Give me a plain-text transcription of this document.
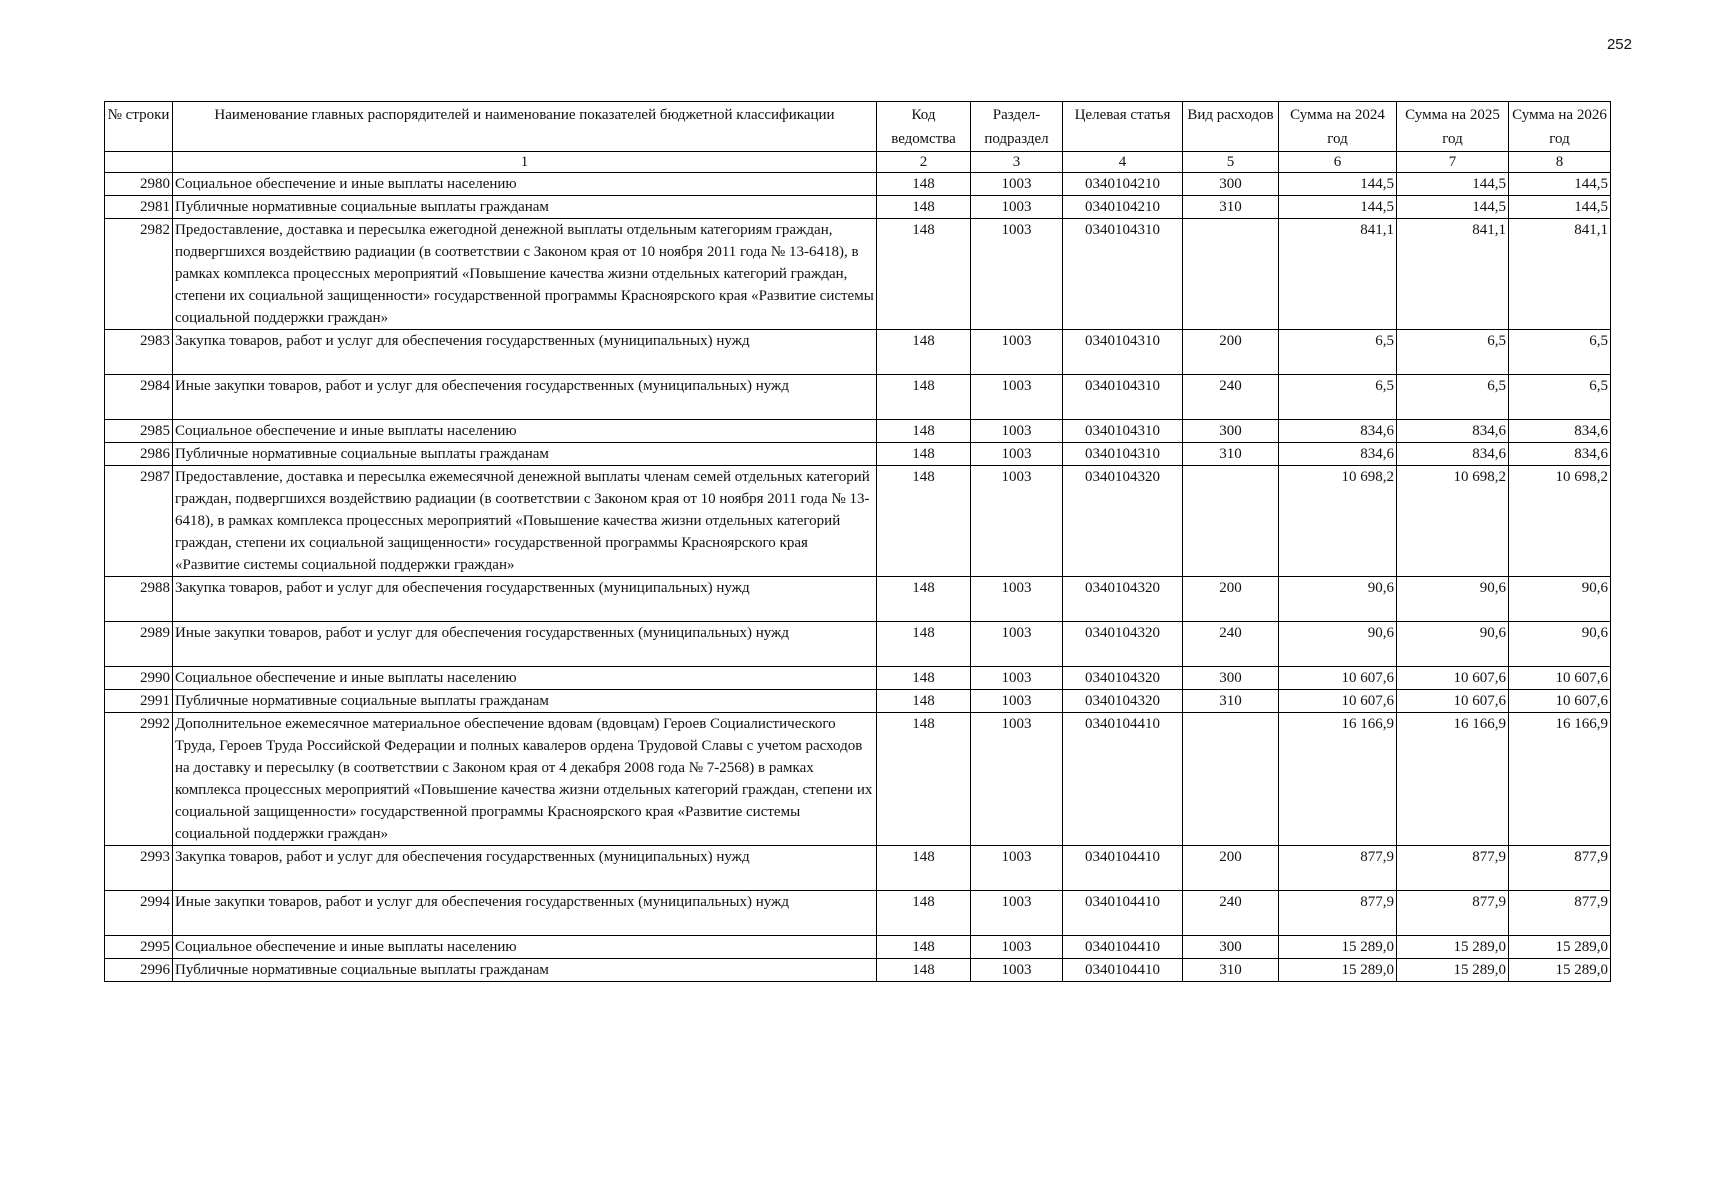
252
№ строки	Наименование главных распорядителей и наименование показателей бюджетной классификации	Код ведомства	Раздел-подраздел	Целевая статья	Вид расходов	Сумма на 2024 год	Сумма на 2025 год	Сумма на 2026 год
	1	2	3	4	5	6	7	8
2980	Социальное обеспечение и иные выплаты населению	148	1003	0340104210	300	144,5	144,5	144,5
2981	Публичные нормативные социальные выплаты гражданам	148	1003	0340104210	310	144,5	144,5	144,5
2982	Предоставление, доставка и пересылка ежегодной денежной выплаты отдельным категориям граждан, подвергшихся воздействию радиации (в соответствии с Законом края от 10 ноября 2011 года № 13-6418), в рамках комплекса процессных мероприятий «Повышение качества жизни отдельных категорий граждан, степени их социальной защищенности» государственной программы Красноярского края «Развитие системы социальной поддержки граждан»	148	1003	0340104310		841,1	841,1	841,1
2983	Закупка товаров, работ и услуг для обеспечения государственных (муниципальных) нужд	148	1003	0340104310	200	6,5	6,5	6,5
2984	Иные закупки товаров, работ и услуг для обеспечения государственных (муниципальных) нужд	148	1003	0340104310	240	6,5	6,5	6,5
2985	Социальное обеспечение и иные выплаты населению	148	1003	0340104310	300	834,6	834,6	834,6
2986	Публичные нормативные социальные выплаты гражданам	148	1003	0340104310	310	834,6	834,6	834,6
2987	Предоставление, доставка и пересылка ежемесячной денежной выплаты членам семей отдельных категорий граждан, подвергшихся воздействию радиации (в соответствии с Законом края от 10 ноября 2011 года № 13-6418), в рамках комплекса процессных мероприятий «Повышение качества жизни отдельных категорий граждан, степени их социальной защищенности» государственной программы Красноярского края «Развитие системы социальной поддержки граждан»	148	1003	0340104320		10 698,2	10 698,2	10 698,2
2988	Закупка товаров, работ и услуг для обеспечения государственных (муниципальных) нужд	148	1003	0340104320	200	90,6	90,6	90,6
2989	Иные закупки товаров, работ и услуг для обеспечения государственных (муниципальных) нужд	148	1003	0340104320	240	90,6	90,6	90,6
2990	Социальное обеспечение и иные выплаты населению	148	1003	0340104320	300	10 607,6	10 607,6	10 607,6
2991	Публичные нормативные социальные выплаты гражданам	148	1003	0340104320	310	10 607,6	10 607,6	10 607,6
2992	Дополнительное ежемесячное материальное обеспечение вдовам (вдовцам) Героев Социалистического Труда, Героев Труда Российской Федерации и полных кавалеров ордена Трудовой Славы с учетом расходов на доставку и пересылку (в соответствии с Законом края от 4 декабря 2008 года № 7-2568) в рамках комплекса процессных мероприятий «Повышение качества жизни отдельных категорий граждан, степени их социальной защищенности» государственной программы Красноярского края «Развитие системы социальной поддержки граждан»	148	1003	0340104410		16 166,9	16 166,9	16 166,9
2993	Закупка товаров, работ и услуг для обеспечения государственных (муниципальных) нужд	148	1003	0340104410	200	877,9	877,9	877,9
2994	Иные закупки товаров, работ и услуг для обеспечения государственных (муниципальных) нужд	148	1003	0340104410	240	877,9	877,9	877,9
2995	Социальное обеспечение и иные выплаты населению	148	1003	0340104410	300	15 289,0	15 289,0	15 289,0
2996	Публичные нормативные социальные выплаты гражданам	148	1003	0340104410	310	15 289,0	15 289,0	15 289,0
